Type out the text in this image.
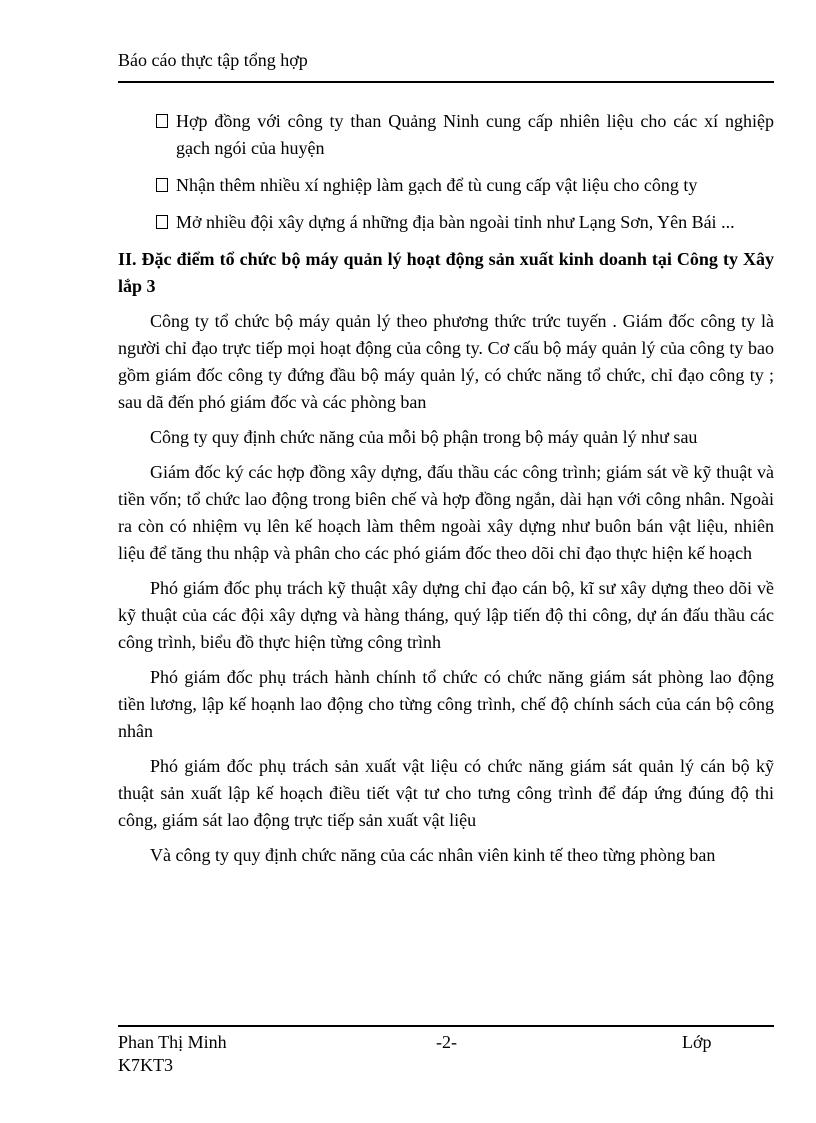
Báo cáo thực tập tổng hợp
Hợp đồng với công ty than Quảng Ninh cung cấp nhiên liệu cho các xí nghiệp gạch ngói của huyện
Nhận thêm nhiều xí nghiệp làm gạch để tù cung cấp vật liệu cho công ty
Mở nhiều đội xây dựng á những địa bàn ngoài tỉnh như Lạng Sơn, Yên Bái ...
II. Đặc điểm tổ chức bộ máy quản lý hoạt động sản xuất kinh doanh tại Công ty Xây lắp 3

Công ty tổ chức bộ máy quản lý theo phương thức trức tuyến . Giám đốc công ty là người chỉ đạo trực tiếp mọi hoạt động của công ty. Cơ cấu bộ máy quản lý của công ty bao gồm giám đốc công ty đứng đầu bộ máy quản lý, có chức năng tổ chức, chỉ đạo công ty ; sau dã đến phó giám đốc và các phòng ban

Công ty quy định chức năng của mỗi bộ phận trong bộ máy quản lý như sau

Giám đốc ký các hợp đồng xây dựng, đấu thầu các công trình; giám sát về kỹ thuật và tiền vốn; tổ chức lao động trong biên chế và hợp đồng ngắn, dài hạn với công nhân. Ngoài ra còn có nhiệm vụ lên kế hoạch làm thêm ngoài xây dựng như buôn bán vật liệu, nhiên liệu để tăng thu nhập và phân cho các phó giám đốc theo dõi chỉ đạo thực hiện kế hoạch

Phó giám đốc phụ trách kỹ thuật xây dựng chỉ đạo cán bộ, kĩ sư xây dựng theo dõi về kỹ thuật của các đội xây dựng và hàng tháng, quý lập tiến độ thi công, dự án đấu thầu các công trình, biểu đồ thực hiện từng công trình

Phó giám đốc phụ trách hành chính tổ chức có chức năng giám sát phòng lao động tiền lương, lập kế hoạnh lao động cho từng công trình, chế độ chính sách của cán bộ công nhân

Phó giám đốc phụ trách sản xuất vật liệu có chức năng giám sát quản lý cán bộ kỹ thuật sản xuất lập kế hoạch điều tiết vật tư cho tưng công trình để đáp ứng đúng độ thi công, giám sát lao động trực tiếp sản xuất vật liệu

Và công ty quy định chức năng của các nhân viên kinh tế theo từng phòng ban

Phan Thị Minh K7KT3
-2-	Lớp
